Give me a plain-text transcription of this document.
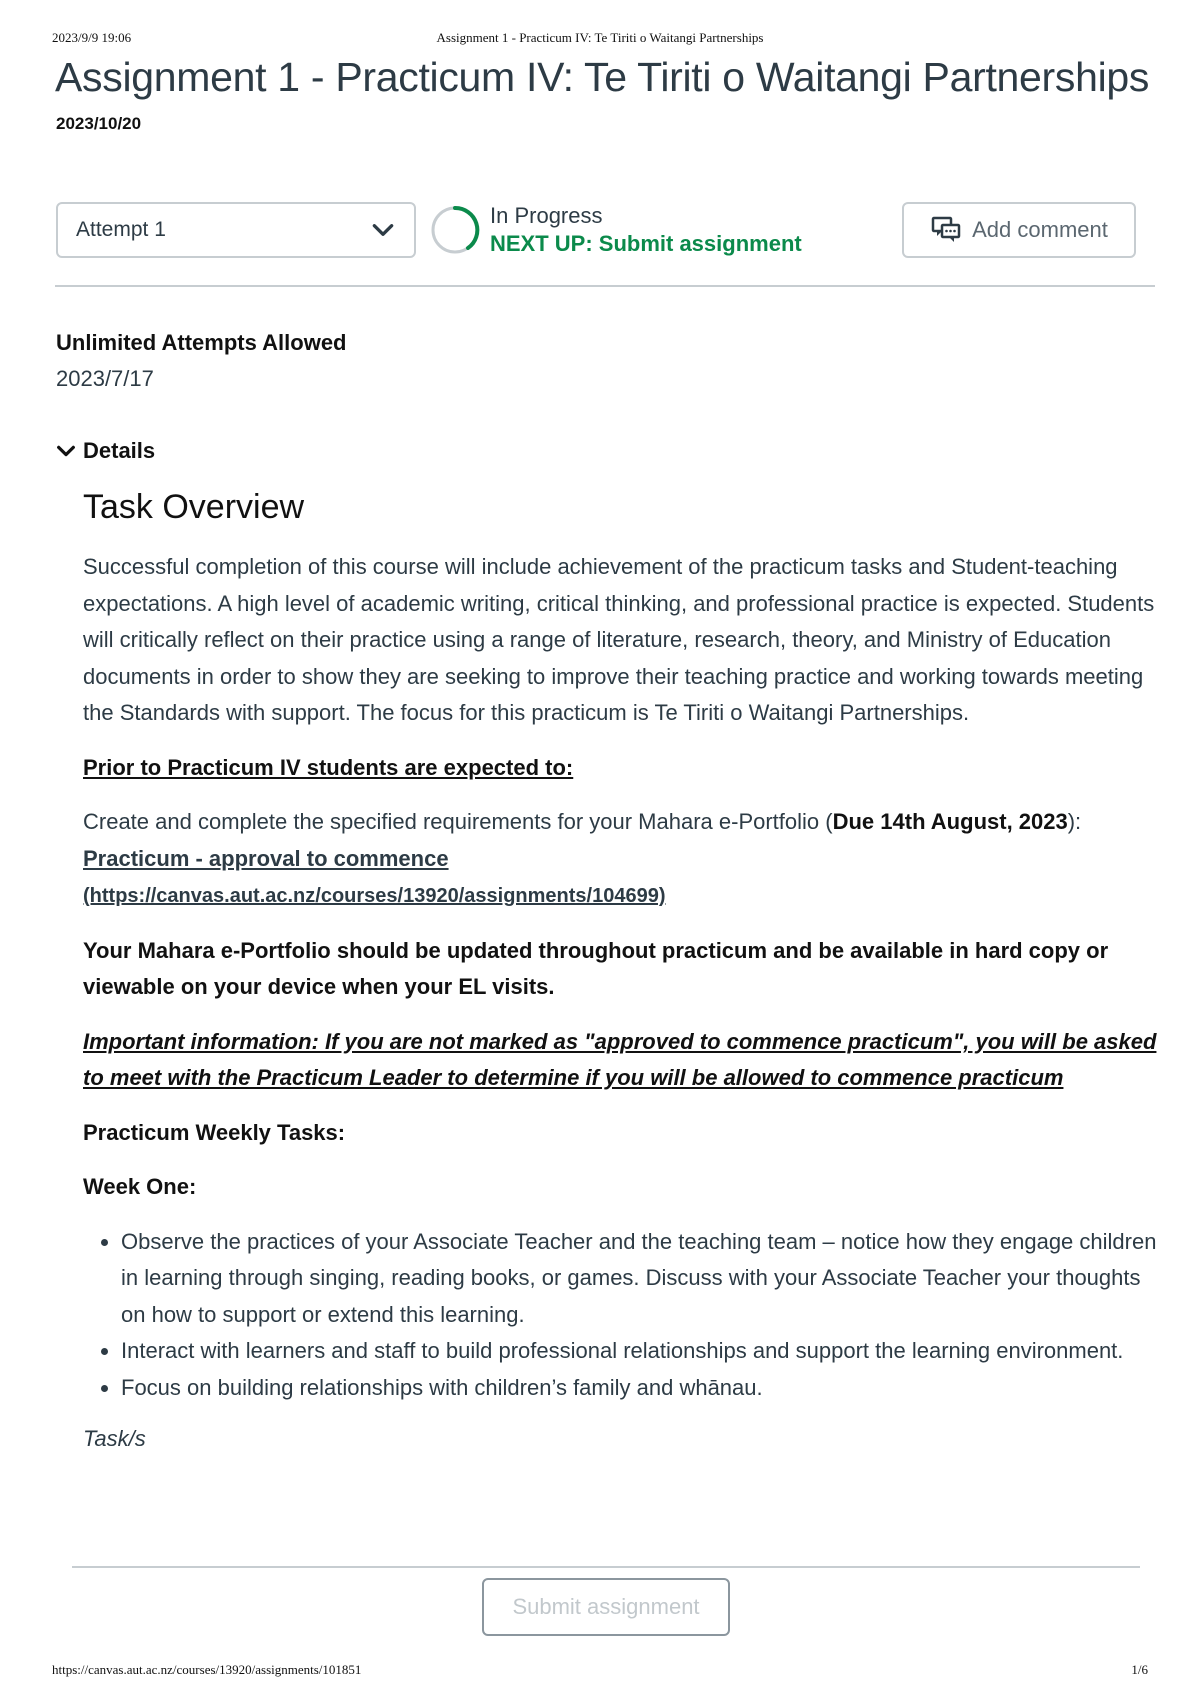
2023/9/9 19:06	Assignment 1 - Practicum IV: Te Tiriti o Waitangi Partnerships
Assignment 1 - Practicum IV: Te Tiriti o Waitangi Partnerships
2023/10/20
Attempt 1
In Progress
NEXT UP: Submit assignment
Add comment
Unlimited Attempts Allowed
2023/7/17
Details
Task Overview

Successful completion of this course will include achievement of the practicum tasks and Student-teaching expectations. A high level of academic writing, critical thinking, and professional practice is expected. Students will critically reflect on their practice using a range of literature, research, theory, and Ministry of Education documents in order to show they are seeking to improve their teaching practice and working towards meeting the Standards with support. The focus for this practicum is Te Tiriti o Waitangi Partnerships.

Prior to Practicum IV students are expected to:

Create and complete the specified requirements for your Mahara e-Portfolio (Due 14th August, 2023):  Practicum - approval to commence
(https://canvas.aut.ac.nz/courses/13920/assignments/104699)

Your Mahara e-Portfolio should be updated throughout practicum and be available in hard copy or viewable on your device when your EL visits.

Important information: If you are not marked as "approved to commence practicum", you will be asked to meet with the Practicum Leader to determine if you will be allowed to commence practicum

Practicum Weekly Tasks:

Week One:

• Observe the practices of your Associate Teacher and the teaching team – notice how they engage children in learning through singing, reading books, or games. Discuss with your Associate Teacher your thoughts on how to support or extend this learning.
• Interact with learners and staff to build professional relationships and support the learning environment.
• Focus on building relationships with children’s family and whānau.
Task/s
Submit assignment
https://canvas.aut.ac.nz/courses/13920/assignments/101851	1/6
